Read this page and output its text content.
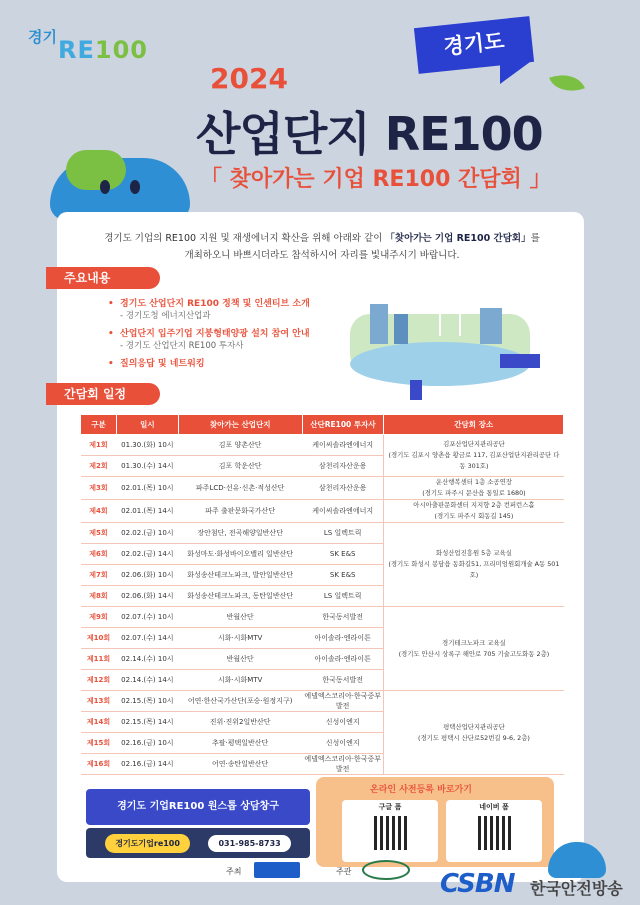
경기 RE100	경기도
2024
산업단지 RE100
「 찾아가는 기업 RE100 간담회 」
경기도 기업의 RE100 지원 및 재생에너지 확산을 위해 아래와 같이 「찾아가는 기업 RE100 간담회」를
개최하오니 바쁘시더라도 참석하시어 자리를 빛내주시기 바랍니다.
주요내용
• 경기도 산업단지 RE100 정책 및 인센티브 소개
- 경기도청 에너지산업과
• 산업단지 입주기업 지붕형태양광 설치 참여 안내
- 경기도 산업단지 RE100 투자사
• 질의응답 및 네트워킹
간담회 일정
구분	일시	찾아가는 산업단지	산단RE100 투자사	간담회 장소
제1회	01.30.(화) 10시	김포 양촌산단	케이씨솔라엔에너지	김포산업단지관리공단
(경기도 김포시 양촌읍 황금로 117, 김포산업단지관리공단 다동 301호)

제2회	01.30.(수) 14시	김포 학운산단	삼천리자산운용	
제3회	02.01.(목) 10시	파주LCD·선유·신촌·적성산단	삼천리자산운용	운산행복센터 1층 소공연장
(경기도 파주시 문산읍 통일로 1680)

제4회	02.01.(목) 14시	파주 출판문화국가산단	케이씨솔라엔에너지	아시아출판문화센터 지지향 2층 컨퍼런스홀
(경기도 파주시 회동길 145)

제5회	02.02.(금) 10시	장안첨단, 전곡해양일반산단	LS 일렉트릭	화성산업진흥원 5층 교육실
(경기도 화성시 봉담읍 동화길51, 프리미엄원회개술 A동 501호)

제6회	02.02.(금) 14시	화성마도·화성바이오밸리 일반산단	SK E&S	
제7회	02.06.(화) 10시	화성송산테크노파크, 발안일반산단	SK E&S	
제8회	02.06.(화) 14시	화성송산테크노파크, 동탄일반산단	LS 일렉트릭	
제9회	02.07.(수) 10시	반월산단	한국동서발전	경기테크노파크 교육실
(경기도 안산시 상록구 해안로 705 기술고도화동 2층)

제10회	02.07.(수) 14시	시화·시화MTV	아이솔라·엔라이튼	
제11회	02.14.(수) 10시	반월산단	아이솔라·엔라이튼	
제12회	02.14.(수) 14시	시화·시화MTV	한국동서발전	
제13회	02.15.(목) 10시	어연·한산국가산단(포승·원정지구)	에넬엑스코리아·한국중부발전	평택산업단지관리공단
(경기도 평택시 산단로52번길 9-6, 2층)

제14회	02.15.(목) 14시	진위·진위2일반산단	신성이엔지	
제15회	02.16.(금) 10시	추팔·평택일반산단	신성이엔지	
제16회	02.16.(금) 14시	어연·송탄일반산단	에넬엑스코리아·한국중부발전	
경기도 기업RE100 원스톱 상담창구
경기도기업re100	031-985-8733
온라인 사전등록 바로가기
구글 폼	네이버 폼
주최	주관	CSBN 한국안전방송
